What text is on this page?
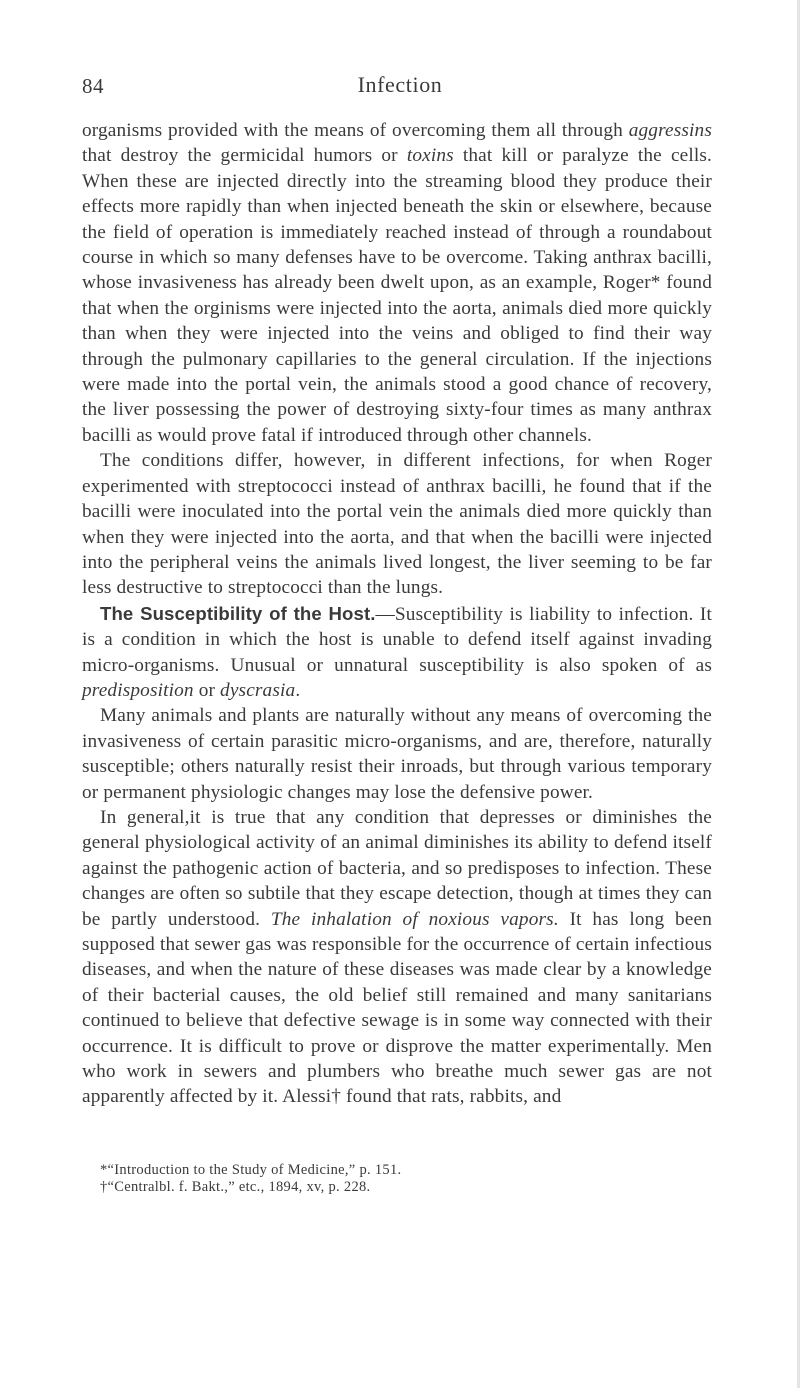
84	Infection

organisms provided with the means of overcoming them all through aggressins that destroy the germicidal humors or toxins that kill or paralyze the cells. When these are injected directly into the streaming blood they produce their effects more rapidly than when injected beneath the skin or elsewhere, because the field of operation is immediately reached instead of through a roundabout course in which so many defenses have to be overcome. Taking anthrax bacilli, whose invasiveness has already been dwelt upon, as an example, Roger* found that when the orginisms were injected into the aorta, animals died more quickly than when they were injected into the veins and obliged to find their way through the pulmonary capillaries to the general circulation. If the injections were made into the portal vein, the animals stood a good chance of recovery, the liver possessing the power of destroying sixty-four times as many anthrax bacilli as would prove fatal if introduced through other channels.

The conditions differ, however, in different infections, for when Roger experimented with streptococci instead of anthrax bacilli, he found that if the bacilli were inoculated into the portal vein the animals died more quickly than when they were injected into the aorta, and that when the bacilli were injected into the peripheral veins the animals lived longest, the liver seeming to be far less destructive to streptococci than the lungs.

The Susceptibility of the Host.—Susceptibility is liability to infection. It is a condition in which the host is unable to defend itself against invading micro-organisms. Unusual or unnatural susceptibility is also spoken of as predisposition or dyscrasia.

Many animals and plants are naturally without any means of overcoming the invasiveness of certain parasitic micro-organisms, and are, therefore, naturally susceptible; others naturally resist their inroads, but through various temporary or permanent physiologic changes may lose the defensive power.

In general,it is true that any condition that depresses or diminishes the general physiological activity of an animal diminishes its ability to defend itself against the pathogenic action of bacteria, and so predisposes to infection. These changes are often so subtile that they escape detection, though at times they can be partly understood. The inhalation of noxious vapors. It has long been supposed that sewer gas was responsible for the occurrence of certain infectious diseases, and when the nature of these diseases was made clear by a knowledge of their bacterial causes, the old belief still remained and many sanitarians continued to believe that defective sewage is in some way connected with their occurrence. It is difficult to prove or disprove the matter experimentally. Men who work in sewers and plumbers who breathe much sewer gas are not apparently affected by it. Alessi† found that rats, rabbits, and

*“Introduction to the Study of Medicine,” p. 151.
†“Centralbl. f. Bakt.,” etc., 1894, xv, p. 228.
